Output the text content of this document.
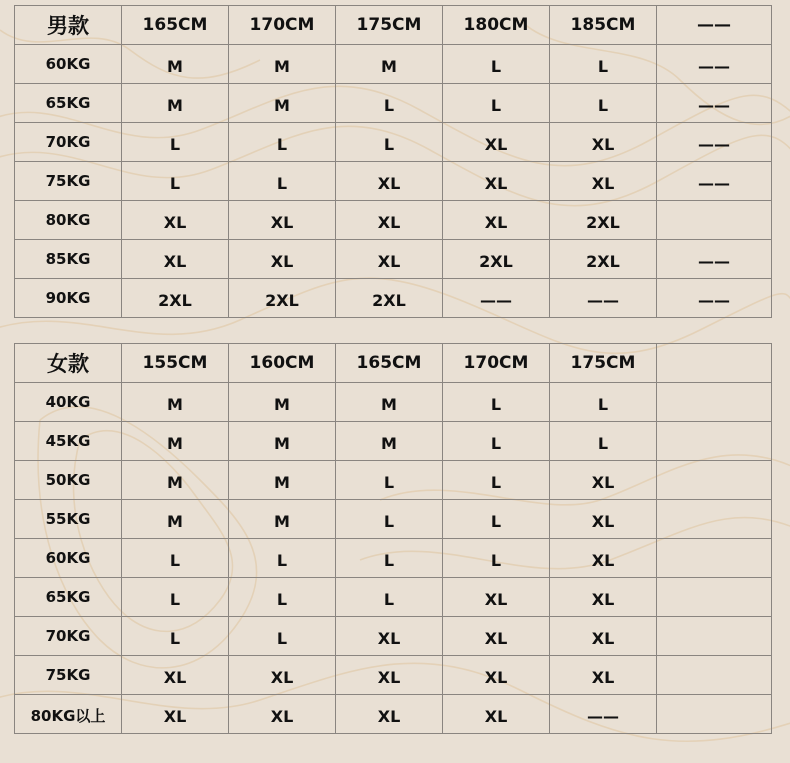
男款	165CM	170CM	175CM	180CM	185CM	——
60KG	M	M	M	L	L	——
65KG	M	M	L	L	L	——
70KG	L	L	L	XL	XL	——
75KG	L	L	XL	XL	XL	——
80KG	XL	XL	XL	XL	2XL	
85KG	XL	XL	XL	2XL	2XL	——
90KG	2XL	2XL	2XL	——	——	——
女款	155CM	160CM	165CM	170CM	175CM	
40KG	M	M	M	L	L	
45KG	M	M	M	L	L	
50KG	M	M	L	L	XL	
55KG	M	M	L	L	XL	
60KG	L	L	L	L	XL	
65KG	L	L	L	XL	XL	
70KG	L	L	XL	XL	XL	
75KG	XL	XL	XL	XL	XL	
80KG以上	XL	XL	XL	XL	——	
